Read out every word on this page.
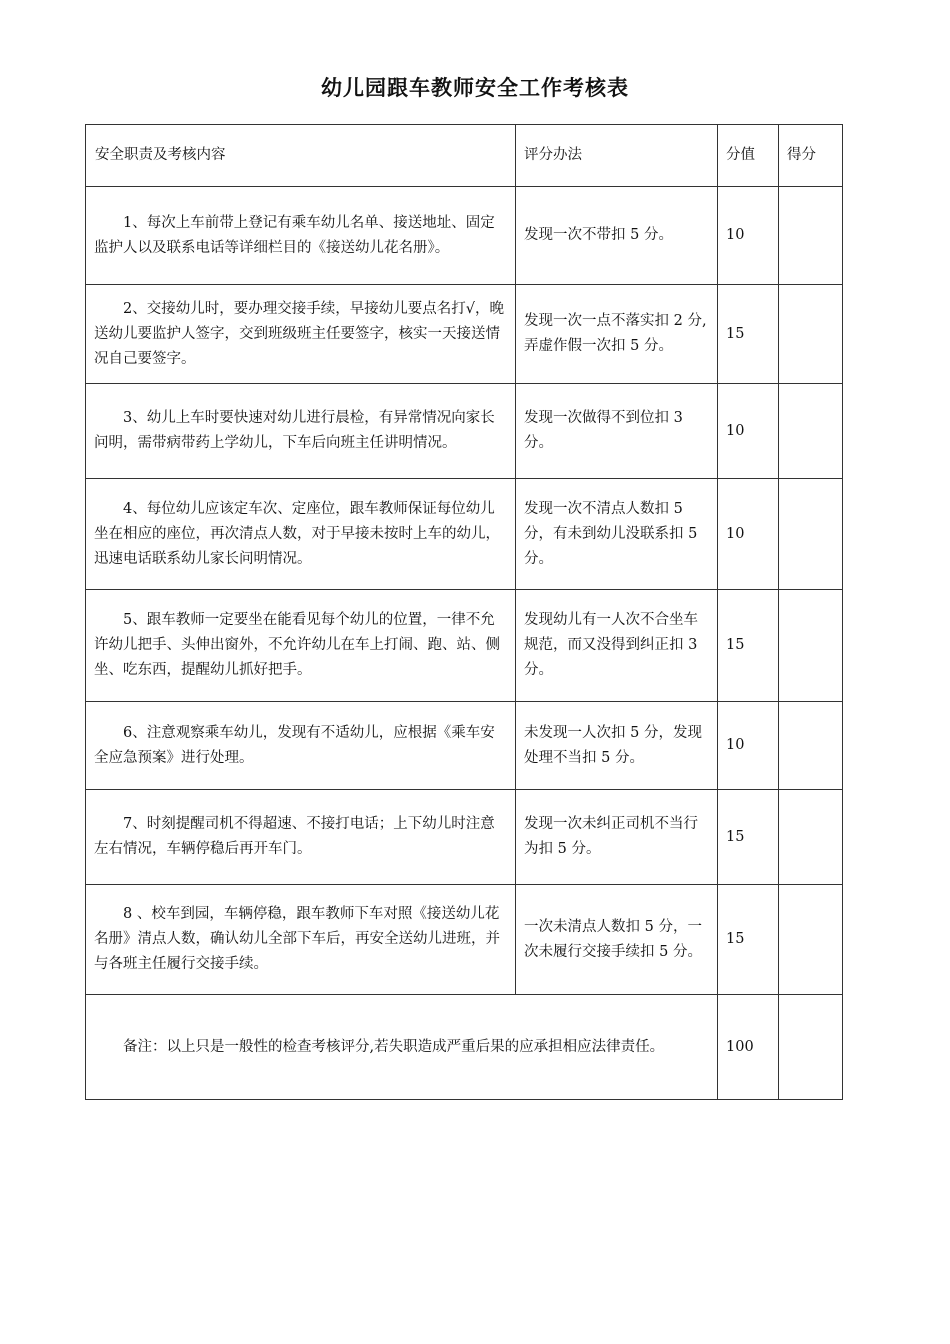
幼儿园跟车教师安全工作考核表
安全职责及考核内容	评分办法	分值	得分
1、每次上车前带上登记有乘车幼儿名单、接送地址、固定监护人以及联系电话等详细栏目的《接送幼儿花名册》。	发现一次不带扣 5 分。	10	
2、交接幼儿时，要办理交接手续，早接幼儿要点名打√，晚送幼儿要监护人签字，交到班级班主任要签字，核实一天接送情况自己要签字。	发现一次一点不落实扣 2 分,弄虚作假一次扣 5 分。	15	
3、幼儿上车时要快速对幼儿进行晨检，有异常情况向家长问明，需带病带药上学幼儿，下车后向班主任讲明情况。	发现一次做得不到位扣 3 分。	10	
4、每位幼儿应该定车次、定座位，跟车教师保证每位幼儿坐在相应的座位，再次清点人数，对于早接未按时上车的幼儿，迅速电话联系幼儿家长问明情况。	发现一次不清点人数扣 5 分，有未到幼儿没联系扣 5 分。	10	
5、跟车教师一定要坐在能看见每个幼儿的位置，一律不允许幼儿把手、头伸出窗外，不允许幼儿在车上打闹、跑、站、侧坐、吃东西，提醒幼儿抓好把手。	发现幼儿有一人次不合坐车规范，而又没得到纠正扣 3 分。	15	
6、注意观察乘车幼儿，发现有不适幼儿，应根据《乘车安全应急预案》进行处理。	未发现一人次扣 5 分，发现处理不当扣 5 分。	10	
7、时刻提醒司机不得超速、不接打电话；上下幼儿时注意左右情况，车辆停稳后再开车门。	发现一次未纠正司机不当行为扣 5 分。	15	
8 、校车到园，车辆停稳，跟车教师下车对照《接送幼儿花名册》清点人数，确认幼儿全部下车后，再安全送幼儿进班，并与各班主任履行交接手续。	一次未清点人数扣 5 分，一次未履行交接手续扣 5 分。	15	
备注：以上只是一般性的检查考核评分,若失职造成严重后果的应承担相应法律责任。		100	
